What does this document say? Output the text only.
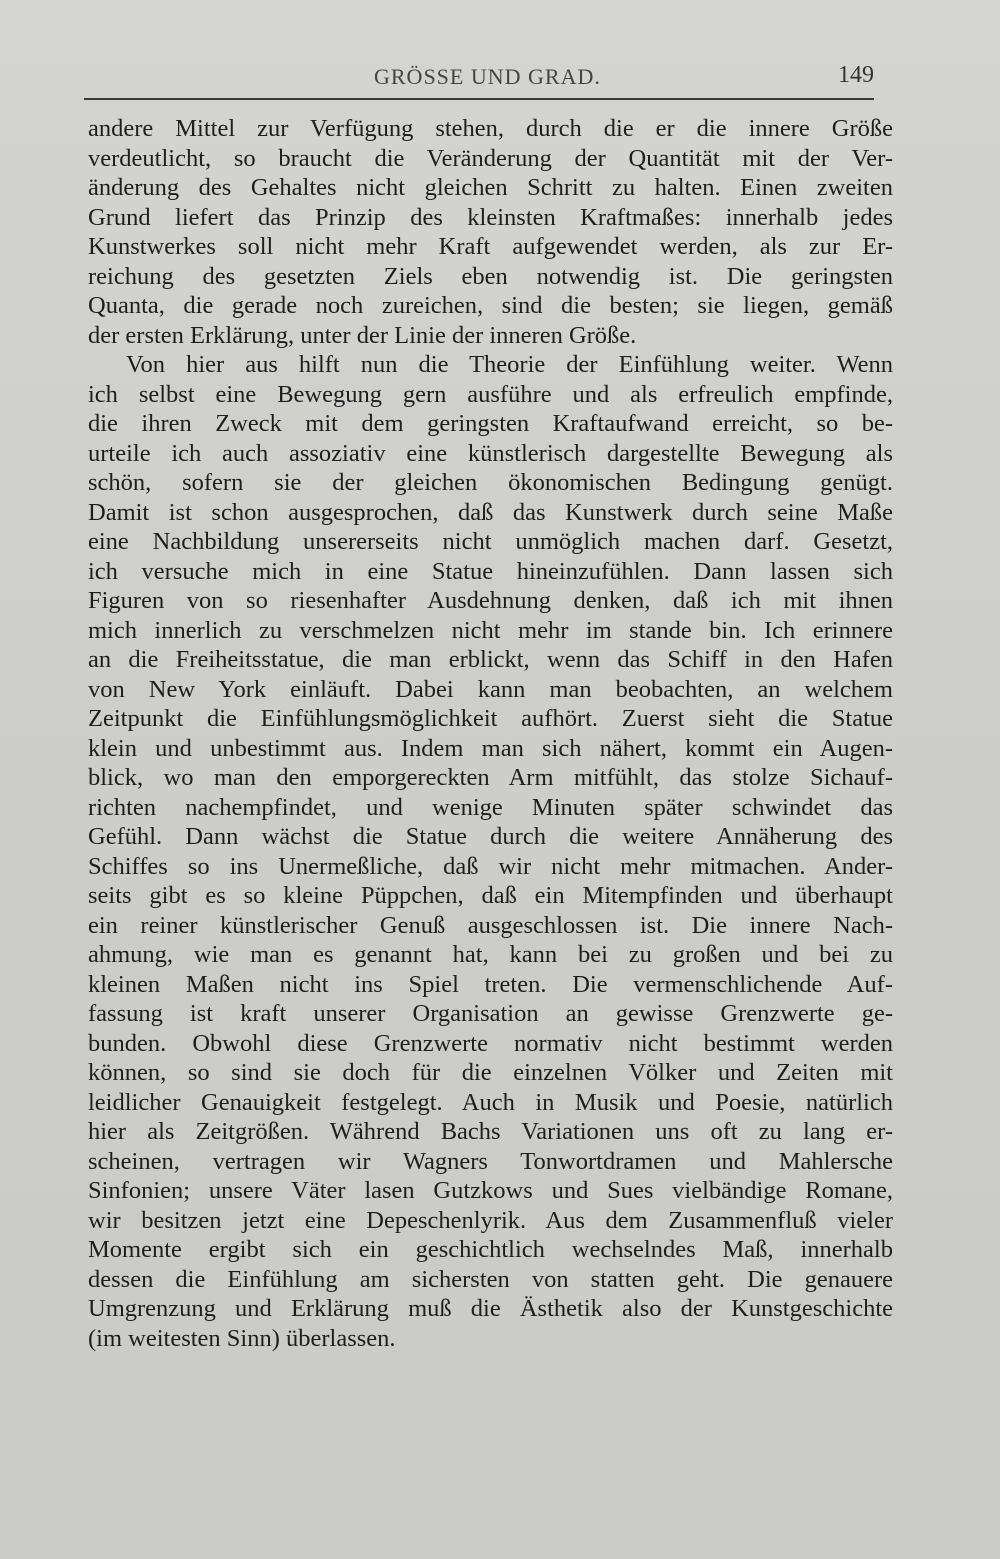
GRÖSSE UND GRAD.	149
andere Mittel zur Verfügung stehen, durch die er die innere Größe
verdeutlicht, so braucht die Veränderung der Quantität mit der Ver-
änderung des Gehaltes nicht gleichen Schritt zu halten. Einen zweiten
Grund liefert das Prinzip des kleinsten Kraftmaßes: innerhalb jedes
Kunstwerkes soll nicht mehr Kraft aufgewendet werden, als zur Er-
reichung des gesetzten Ziels eben notwendig ist. Die geringsten
Quanta, die gerade noch zureichen, sind die besten; sie liegen, gemäß
der ersten Erklärung, unter der Linie der inneren Größe.
Von hier aus hilft nun die Theorie der Einfühlung weiter. Wenn
ich selbst eine Bewegung gern ausführe und als erfreulich empfinde,
die ihren Zweck mit dem geringsten Kraftaufwand erreicht, so be-
urteile ich auch assoziativ eine künstlerisch dargestellte Bewegung als
schön, sofern sie der gleichen ökonomischen Bedingung genügt.
Damit ist schon ausgesprochen, daß das Kunstwerk durch seine Maße
eine Nachbildung unsererseits nicht unmöglich machen darf. Gesetzt,
ich versuche mich in eine Statue hineinzufühlen. Dann lassen sich
Figuren von so riesenhafter Ausdehnung denken, daß ich mit ihnen
mich innerlich zu verschmelzen nicht mehr im stande bin. Ich erinnere
an die Freiheitsstatue, die man erblickt, wenn das Schiff in den Hafen
von New York einläuft. Dabei kann man beobachten, an welchem
Zeitpunkt die Einfühlungsmöglichkeit aufhört. Zuerst sieht die Statue
klein und unbestimmt aus. Indem man sich nähert, kommt ein Augen-
blick, wo man den emporgereckten Arm mitfühlt, das stolze Sichauf-
richten nachempfindet, und wenige Minuten später schwindet das
Gefühl. Dann wächst die Statue durch die weitere Annäherung des
Schiffes so ins Unermeßliche, daß wir nicht mehr mitmachen. Ander-
seits gibt es so kleine Püppchen, daß ein Mitempfinden und überhaupt
ein reiner künstlerischer Genuß ausgeschlossen ist. Die innere Nach-
ahmung, wie man es genannt hat, kann bei zu großen und bei zu
kleinen Maßen nicht ins Spiel treten. Die vermenschlichende Auf-
fassung ist kraft unserer Organisation an gewisse Grenzwerte ge-
bunden. Obwohl diese Grenzwerte normativ nicht bestimmt werden
können, so sind sie doch für die einzelnen Völker und Zeiten mit
leidlicher Genauigkeit festgelegt. Auch in Musik und Poesie, natürlich
hier als Zeitgrößen. Während Bachs Variationen uns oft zu lang er-
scheinen, vertragen wir Wagners Tonwortdramen und Mahlersche
Sinfonien; unsere Väter lasen Gutzkows und Sues vielbändige Romane,
wir besitzen jetzt eine Depeschenlyrik. Aus dem Zusammenfluß vieler
Momente ergibt sich ein geschichtlich wechselndes Maß, innerhalb
dessen die Einfühlung am sichersten von statten geht. Die genauere
Umgrenzung und Erklärung muß die Ästhetik also der Kunstgeschichte
(im weitesten Sinn) überlassen.
